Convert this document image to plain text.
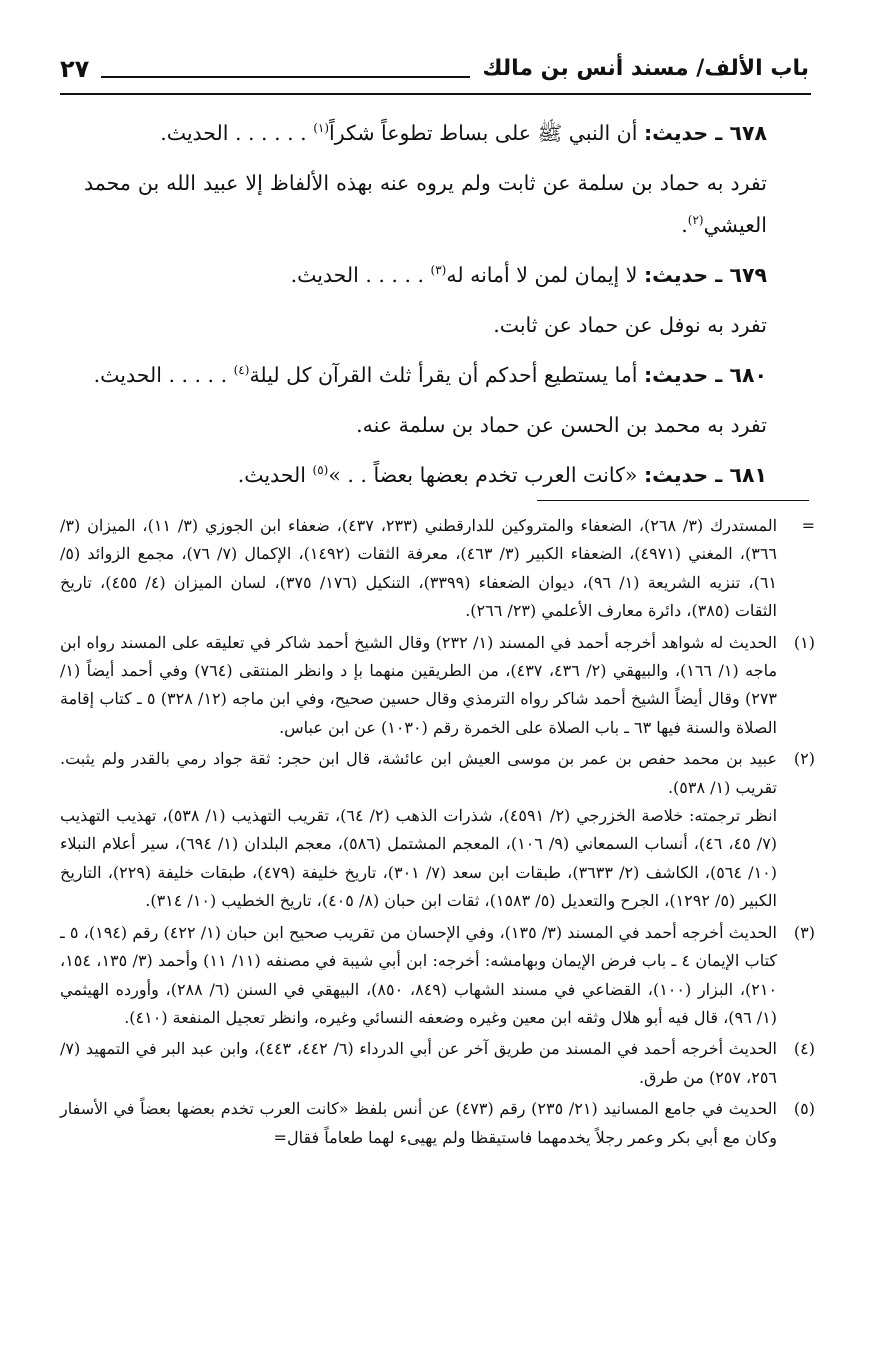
باب الألف/ مسند أنس بن مالك
٢٧

٦٧٨ ـ حديث: أن النبي ﷺ على بساط تطوعاً شكراً$^{(١)}$ . . . . . . الحديث.

تفرد به حماد بن سلمة عن ثابت ولم يروه عنه بهذه الألفاظ إلا عبيد الله بن محمد العيشي$^{(٢)}$.

٦٧٩ ـ حديث: لا إيمان لمن لا أمانه له$^{(٣)}$ . . . . . الحديث.

تفرد به نوفل عن حماد عن ثابت.

٦٨٠ ـ حديث: أما يستطيع أحدكم أن يقرأ ثلث القرآن كل ليلة$^{(٤)}$ . . . . . الحديث.

تفرد به محمد بن الحسن عن حماد بن سلمة عنه.

٦٨١ ـ حديث: «كانت العرب تخدم بعضها بعضاً . . »$^{(٥)}$ الحديث.

=

المستدرك (٣/ ٢٦٨)، الضعفاء والمتروكين للدارقطني (٢٣٣، ٤٣٧)، ضعفاء ابن الجوزي (٣/ ١١)، الميزان (٣/ ٣٦٦)، المغني (٤٩٧١)، الضعفاء الكبير (٣/ ٤٦٣)، معرفة الثقات (١٤٩٢)، الإكمال (٧/ ٧٦)، مجمع الزوائد (٥/ ٦١)، تنزيه الشريعة (١/ ٩٦)، ديوان الضعفاء (٣٣٩٩)، التنكيل (١٧٦/ ٣٧٥)، لسان الميزان (٤/ ٤٥٥)، تاريخ الثقات (٣٨٥)، دائرة معارف الأعلمي (٢٣/ ٢٦٦).

(١)

الحديث له شواهد أخرجه أحمد في المسند (١/ ٢٣٢) وقال الشيخ أحمد شاكر في تعليقه على المسند رواه ابن ماجه (١/ ١٦٦)، والبيهقي (٢/ ٤٣٦، ٤٣٧)، من الطريقين منهما بإ د وانظر المنتقى (٧٦٤) وفي أحمد أيضاً (١/ ٢٧٣) وقال أيضاً الشيخ أحمد شاكر رواه الترمذي وقال حسين صحيح، وفي ابن ماجه (١٢/ ٣٢٨) ٥ ـ كتاب إقامة الصلاة والسنة فيها ٦٣ ـ باب الصلاة على الخمرة رقم (١٠٣٠) عن ابن عباس.

(٢)

عبيد بن محمد حفص بن عمر بن موسى العيش ابن عائشة، قال ابن حجر: ثقة جواد رمي بالقدر ولم يثبت. تقريب (١/ ٥٣٨).

انظر ترجمته: خلاصة الخزرجي (٢/ ٤٥٩١)، شذرات الذهب (٢/ ٦٤)، تقريب التهذيب (١/ ٥٣٨)، تهذيب التهذيب (٧/ ٤٥، ٤٦)، أنساب السمعاني (٩/ ١٠٦)، المعجم المشتمل (٥٨٦)، معجم البلدان (١/ ٦٩٤)، سير أعلام النبلاء (١٠/ ٥٦٤)، الكاشف (٢/ ٣٦٣٣)، طبقات ابن سعد (٧/ ٣٠١)، تاريخ خليفة (٤٧٩)، طبقات خليفة (٢٢٩)، التاريخ الكبير (٥/ ١٢٩٢)، الجرح والتعديل (٥/ ١٥٨٣)، ثقات ابن حبان (٨/ ٤٠٥)، تاريخ الخطيب (١٠/ ٣١٤).

(٣)

الحديث أخرجه أحمد في المسند (٣/ ١٣٥)، وفي الإحسان من تقريب صحيح ابن حبان (١/ ٤٢٢) رقم (١٩٤)، ٥ ـ كتاب الإيمان ٤ ـ باب فرض الإيمان وبهامشه: أخرجه: ابن أبي شيبة في مصنفه (١١/ ١١) وأحمد (٣/ ١٣٥، ١٥٤، ٢١٠)، البزار (١٠٠)، القضاعي في مسند الشهاب (٨٤٩، ٨٥٠)، البيهقي في السنن (٦/ ٢٨٨)، وأورده الهيثمي (١/ ٩٦)، قال فيه أبو هلال وثقه ابن معين وغيره وضعفه النسائي وغيره، وانظر تعجيل المنفعة (٤١٠).

(٤)

الحديث أخرجه أحمد في المسند من طريق آخر عن أبي الدرداء (٦/ ٤٤٢، ٤٤٣)، وابن عبد البر في التمهيد (٧/ ٢٥٦، ٢٥٧) من طرق.

(٥)

الحديث في جامع المسانيد (٢١/ ٢٣٥) رقم (٤٧٣) عن أنس بلفظ «كانت العرب تخدم بعضها بعضاً في الأسفار وكان مع أبي بكر وعمر رجلاً يخدمهما فاستيقظا ولم يهيىء لهما طعاماً فقال=
